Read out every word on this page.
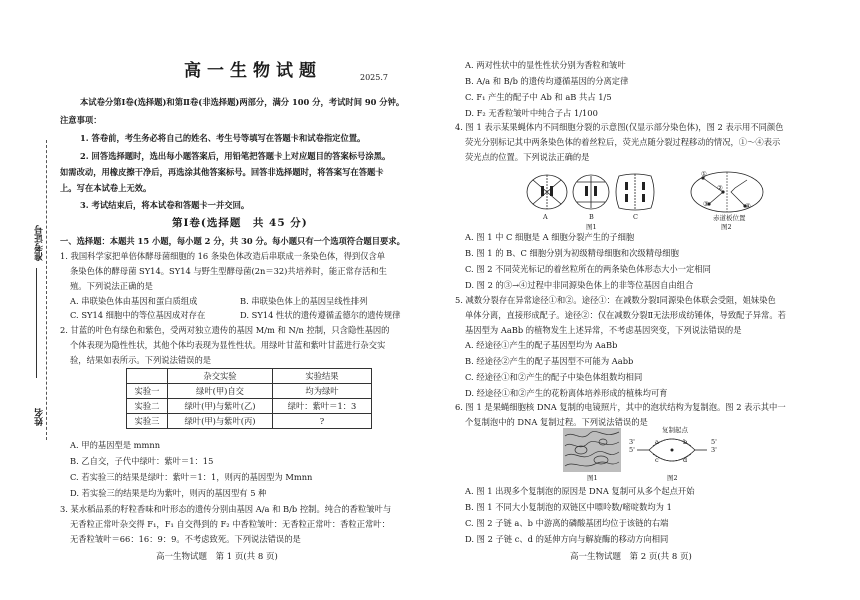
准考证号
姓名
高一生物试题	2025.7
本试卷分第Ⅰ卷(选择题)和第Ⅱ卷(非选择题)两部分，满分 100 分，考试时间 90 分钟。
注意事项：
1. 答卷前，考生务必将自己的姓名、考生号等填写在答题卡和试卷指定位置。
2. 回答选择题时，选出每小题答案后，用铅笔把答题卡上对应题目的答案标号涂黑。
如需改动，用橡皮擦干净后，再选涂其他答案标号。回答非选择题时，将答案写在答题卡
上。写在本试卷上无效。
3. 考试结束后，将本试卷和答题卡一并交回。
第Ⅰ卷(选择题　共 45 分)
一、选择题：本题共 15 小题，每小题 2 分，共 30 分。每小题只有一个选项符合题目要求。
1. 我国科学家把单倍体酵母菌细胞的 16 条染色体改造后串联成一条染色体，得到仅含单
条染色体的酵母菌 SY14。SY14 与野生型酵母菌(2n＝32)共培养时，能正常存活和生
殖。下列说法正确的是
A. 串联染色体由基因和蛋白质组成	B. 串联染色体上的基因呈线性排列
C. SY14 细胞中的等位基因成对存在	D. SY14 性状的遗传遵循孟德尔的遗传规律
2. 甘蓝的叶色有绿色和紫色，受两对独立遗传的基因 M/m 和 N/n 控制，只含隐性基因的
个体表现为隐性性状，其他个体均表现为显性性状。用绿叶甘蓝和紫叶甘蓝进行杂交实
验，结果如表所示。下列说法错误的是
	杂交实验	实验结果
实验一	绿叶(甲)自交	均为绿叶
实验二	绿叶(甲)与紫叶(乙)	绿叶：紫叶＝1：3
实验三	绿叶(甲)与紫叶(丙)	?
A. 甲的基因型是 mmnn
B. 乙自交，子代中绿叶：紫叶＝1：15
C. 若实验三的结果是绿叶：紫叶＝1：1，则丙的基因型为 Mmnn
D. 若实验三的结果是均为紫叶，则丙的基因型有 5 种
3. 某水稻品系的籽粒香味和叶形态的遗传分别由基因 A/a 和 B/b 控制。纯合的香粒皱叶与
无香粒正常叶杂交得 F₁，F₁ 自交得到的 F₂ 中香粒皱叶：无香粒正常叶：香粒正常叶：
无香粒皱叶＝66：16：9：9。不考虑致死。下列说法错误的是
高一生物试题　第 1 页(共 8 页)
A. 两对性状中的显性性状分别为香粒和皱叶
B. A/a 和 B/b 的遗传均遵循基因的分离定律
C. F₁ 产生的配子中 Ab 和 aB 共占 1/5
D. F₂ 无香粒皱叶中纯合子占 1/100
4. 图 1 表示某果蝇体内不同细胞分裂的示意图(仅显示部分染色体)，图 2 表示用不同颜色
荧光分别标记其中两条染色体的着丝粒后，荧光点随分裂过程移动的情况，①～④表示
荧光点的位置。下列说法正确的是
A	B	C
图1
①
②
③	④
赤道板位置
图2
A. 图 1 中 C 细胞是 A 细胞分裂产生的子细胞
B. 图 1 的 B、C 细胞分别为初级精母细胞和次级精母细胞
C. 图 2 不同荧光标记的着丝粒所在的两条染色体形态大小一定相同
D. 图 2 的③→④过程中非同源染色体上的非等位基因自由组合
5. 减数分裂存在异常途径①和②。途径①：在减数分裂Ⅰ同源染色体联会受阻，姐妹染色
单体分离，直接形成配子。途径②：仅在减数分裂Ⅱ无法形成纺锤体，导致配子异常。若
基因型为 AaBb 的植物发生上述异常，不考虑基因突变，下列说法错误的是
A. 经途径①产生的配子基因型均为 AaBb
B. 经途径②产生的配子基因型不可能为 Aabb
C. 经途径①和②产生的配子中染色体组数均相同
D. 经途径①和②产生的花粉离体培养形成的植株均可育
6. 图 1 是果蝇细胞核 DNA 复制的电镜照片，其中的泡状结构为复制泡。图 2 表示其中一
个复制泡中的 DNA 复制过程。下列说法错误的是
图1
复制起点
a	b
c	d
5'
3'
3'
5'
图2
A. 图 1 出现多个复制泡的原因是 DNA 复制可从多个起点开始
B. 图 1 不同大小复制泡的双链区中嘌呤数/嘧啶数均为 1
C. 图 2 子链 a、b 中游离的磷酸基团均位于该链的右端
D. 图 2 子链 c、d 的延伸方向与解旋酶的移动方向相同
高一生物试题　第 2 页(共 8 页)
